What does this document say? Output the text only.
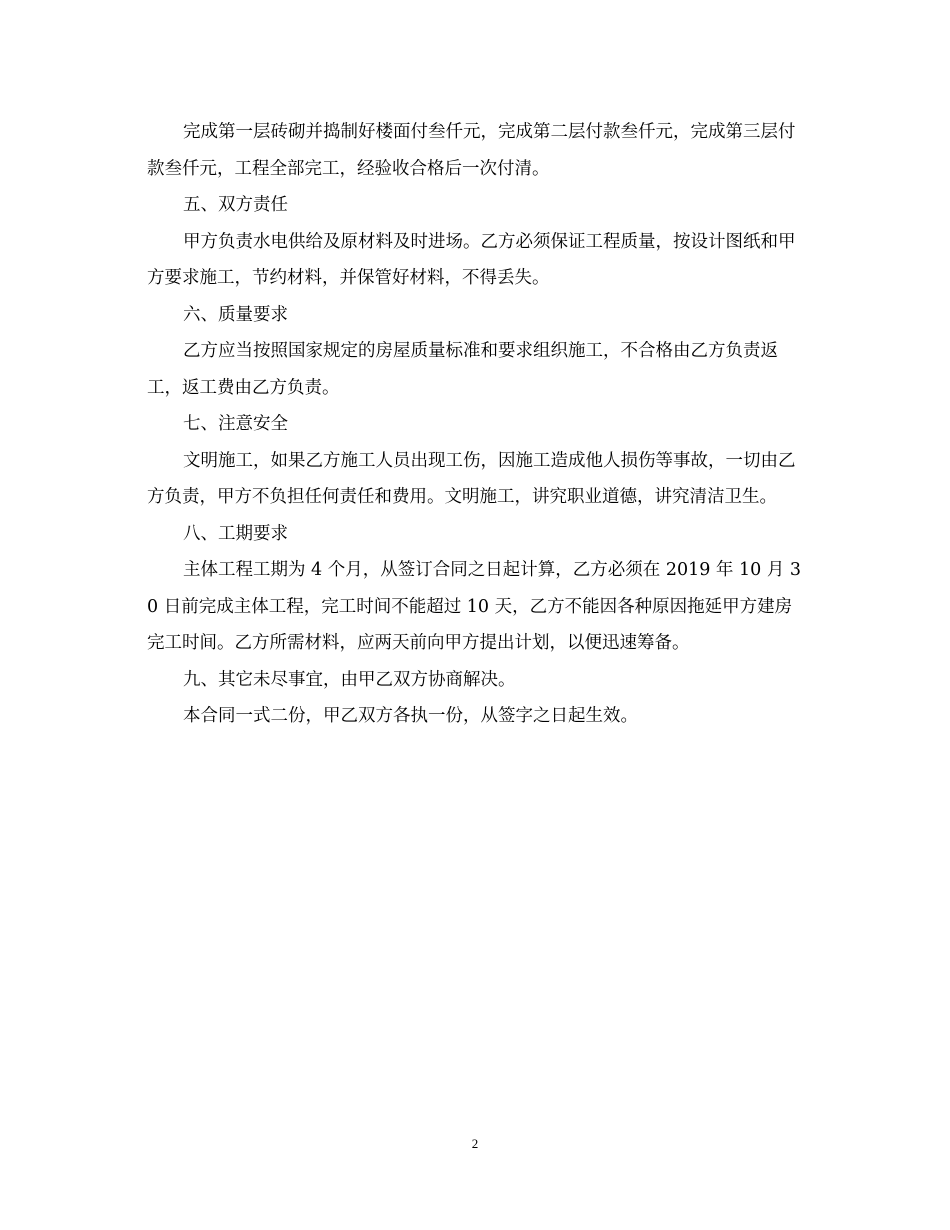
完成第一层砖砌并捣制好楼面付叁仟元，完成第二层付款叁仟元，完成第三层付款叁仟元，工程全部完工，经验收合格后一次付清。

五、双方责任

甲方负责水电供给及原材料及时进场。乙方必须保证工程质量，按设计图纸和甲方要求施工，节约材料，并保管好材料，不得丢失。

六、质量要求

乙方应当按照国家规定的房屋质量标准和要求组织施工，不合格由乙方负责返工，返工费由乙方负责。

七、注意安全

文明施工，如果乙方施工人员出现工伤，因施工造成他人损伤等事故，一切由乙方负责，甲方不负担任何责任和费用。文明施工，讲究职业道德，讲究清洁卫生。

八、工期要求

主体工程工期为 4 个月，从签订合同之日起计算，乙方必须在 2019 年 10 月 30 日前完成主体工程，完工时间不能超过 10 天，乙方不能因各种原因拖延甲方建房完工时间。乙方所需材料，应两天前向甲方提出计划，以便迅速筹备。

九、其它未尽事宜，由甲乙双方协商解决。

本合同一式二份，甲乙双方各执一份，从签字之日起生效。

2
